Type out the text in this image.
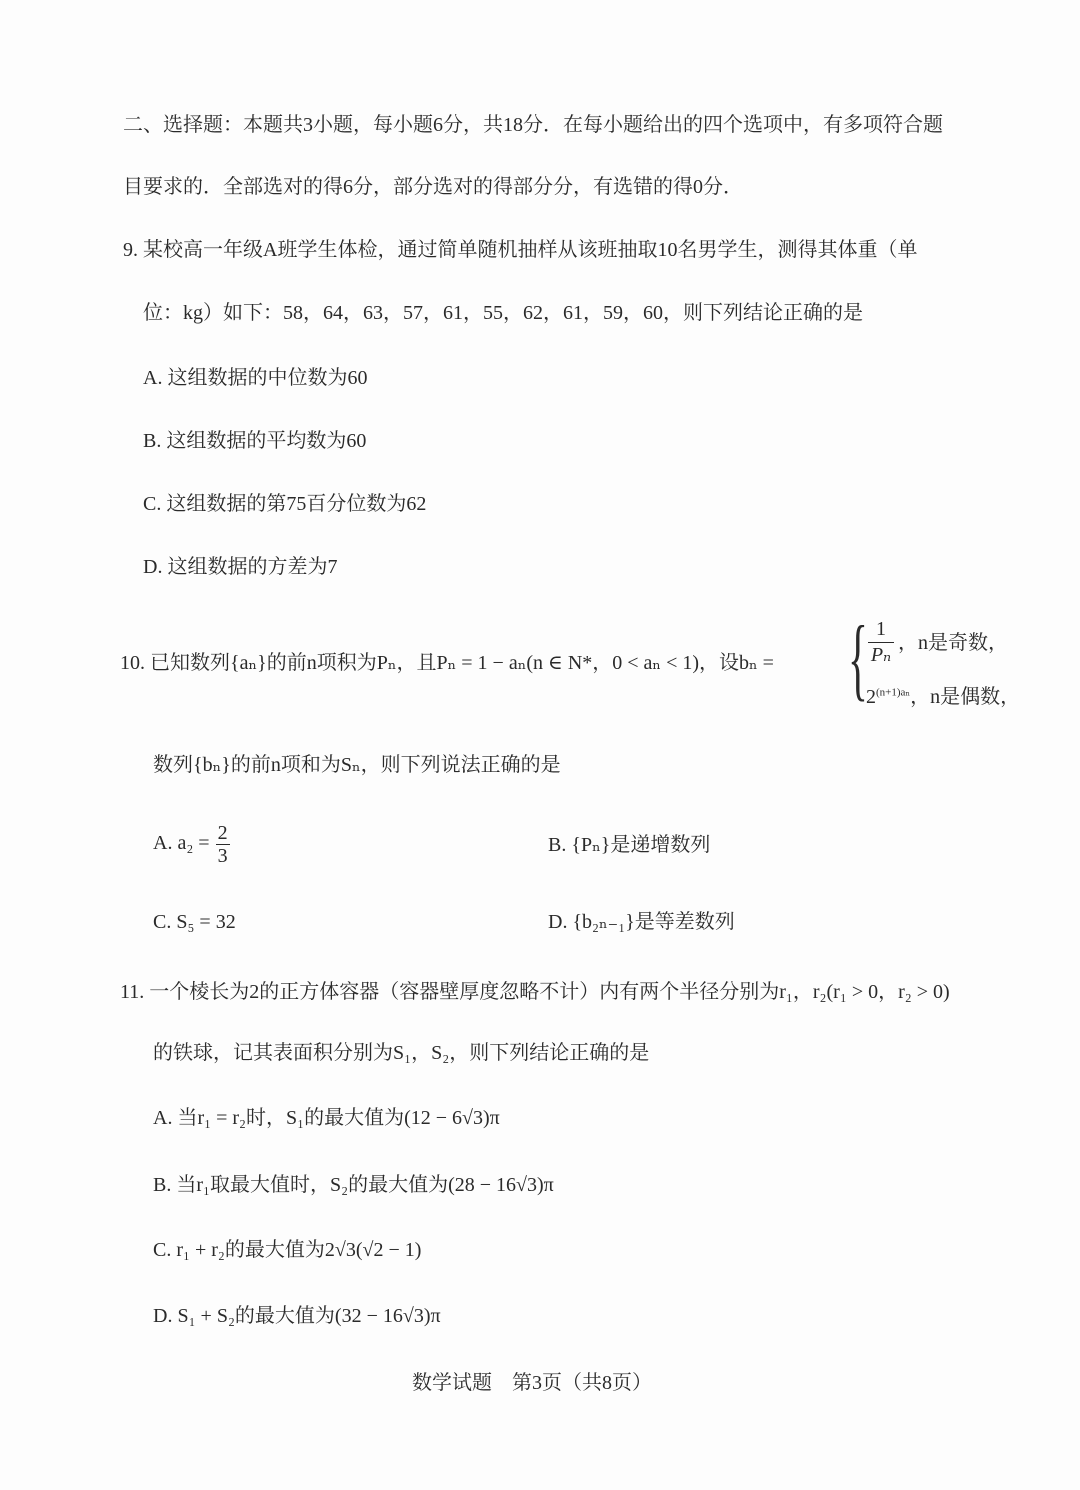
二、选择题：本题共3小题，每小题6分，共18分．在每小题给出的四个选项中，有多项符合题
目要求的．全部选对的得6分，部分选对的得部分分，有选错的得0分．
9. 某校高一年级A班学生体检，通过简单随机抽样从该班抽取10名男学生，测得其体重（单
位：kg）如下：58，64，63，57，61，55，62，61，59，60，则下列结论正确的是
A. 这组数据的中位数为60
B. 这组数据的平均数为60
C. 这组数据的第75百分位数为62
D. 这组数据的方差为7
10. 已知数列{aₙ}的前n项积为Pₙ，且Pₙ = 1 − aₙ(n ∈ N*，0 < aₙ < 1)，设bₙ = { $\frac{1}{\text{Pₙ}}$ ，n是奇数，
$2^{(n+1)a_n}$，n是偶数，
数列{bₙ}的前n项和为Sₙ，则下列说法正确的是
A. $a_2 = \frac{2}{3}$	B. {Pₙ}是递增数列
C. S₅ = 32	D. {b₂ₙ₋₁}是等差数列
11. 一个棱长为2的正方体容器（容器壁厚度忽略不计）内有两个半径分别为r₁，r₂(r₁ > 0，r₂ > 0)
的铁球，记其表面积分别为S₁，S₂，则下列结论正确的是
A. 当r₁ = r₂时，S₁的最大值为(12 − 6√3)π
B. 当r₁取最大值时，S₂的最大值为(28 − 16√3)π
C. r₁ + r₂的最大值为2√3(√2 − 1)
D. S₁ + S₂的最大值为(32 − 16√3)π
数学试题　第3页（共8页）
